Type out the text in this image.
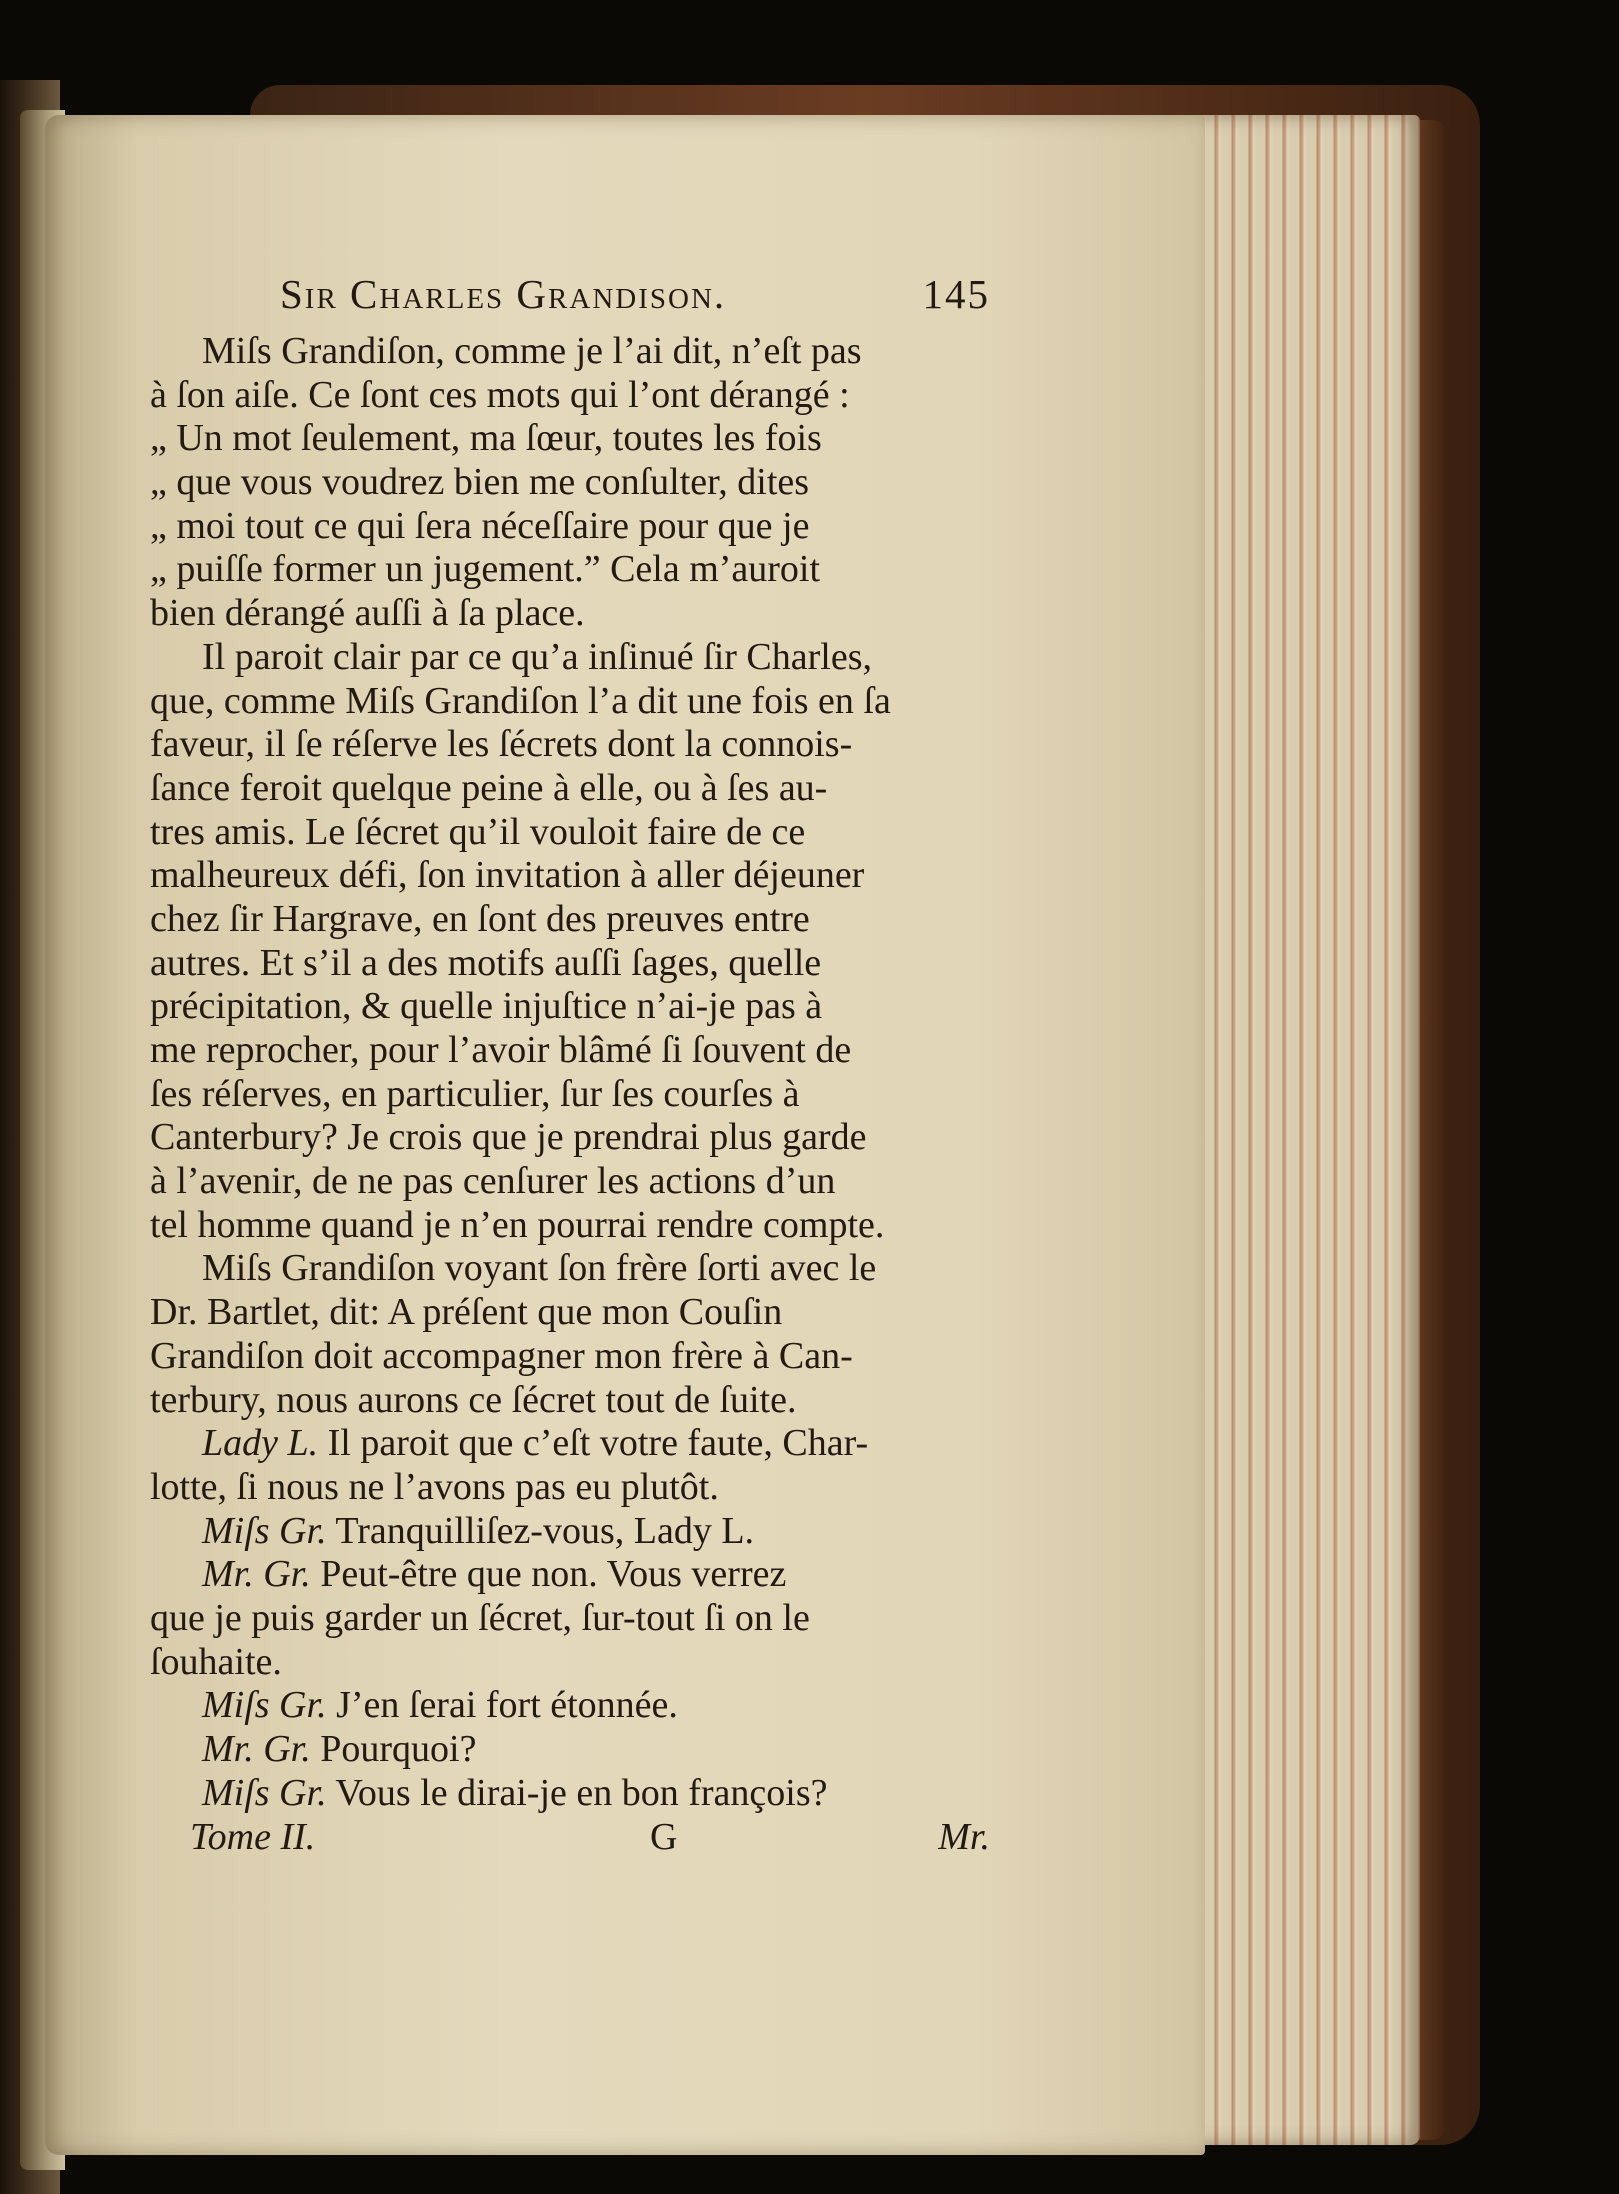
Sir Charles Grandison.	145
Miſs Grandiſon, comme je l’ai dit, n’eſt pas
à ſon aiſe. Ce ſont ces mots qui l’ont dérangé :
„ Un mot ſeulement, ma ſœur, toutes les fois
„ que vous voudrez bien me conſulter, dites
„ moi tout ce qui ſera néceſſaire pour que je
„ puiſſe former un jugement.” Cela m’auroit
bien dérangé auſſi à ſa place.
Il paroit clair par ce qu’a inſinué ſir Charles,
que, comme Miſs Grandiſon l’a dit une fois en ſa
faveur, il ſe réſerve les ſécrets dont la connois-
ſance feroit quelque peine à elle, ou à ſes au-
tres amis. Le ſécret qu’il vouloit faire de ce
malheureux défi, ſon invitation à aller déjeuner
chez ſir Hargrave, en ſont des preuves entre
autres. Et s’il a des motifs auſſi ſages, quelle
précipitation, & quelle injuſtice n’ai-je pas à
me reprocher, pour l’avoir blâmé ſi ſouvent de
ſes réſerves, en particulier, ſur ſes courſes à
Canterbury? Je crois que je prendrai plus garde
à l’avenir, de ne pas cenſurer les actions d’un
tel homme quand je n’en pourrai rendre compte.
Miſs Grandiſon voyant ſon frère ſorti avec le
Dr. Bartlet, dit: A préſent que mon Couſin
Grandiſon doit accompagner mon frère à Can-
terbury, nous aurons ce ſécret tout de ſuite.
Lady L. Il paroit que c’eſt votre faute, Char-
lotte, ſi nous ne l’avons pas eu plutôt.
Miſs Gr. Tranquilliſez-vous, Lady L.
Mr. Gr. Peut-être que non. Vous verrez
que je puis garder un ſécret, ſur-tout ſi on le
ſouhaite.
Miſs Gr. J’en ſerai fort étonnée.
Mr. Gr. Pourquoi?
Miſs Gr. Vous le dirai-je en bon françois?
Tome II.	G	Mr.
